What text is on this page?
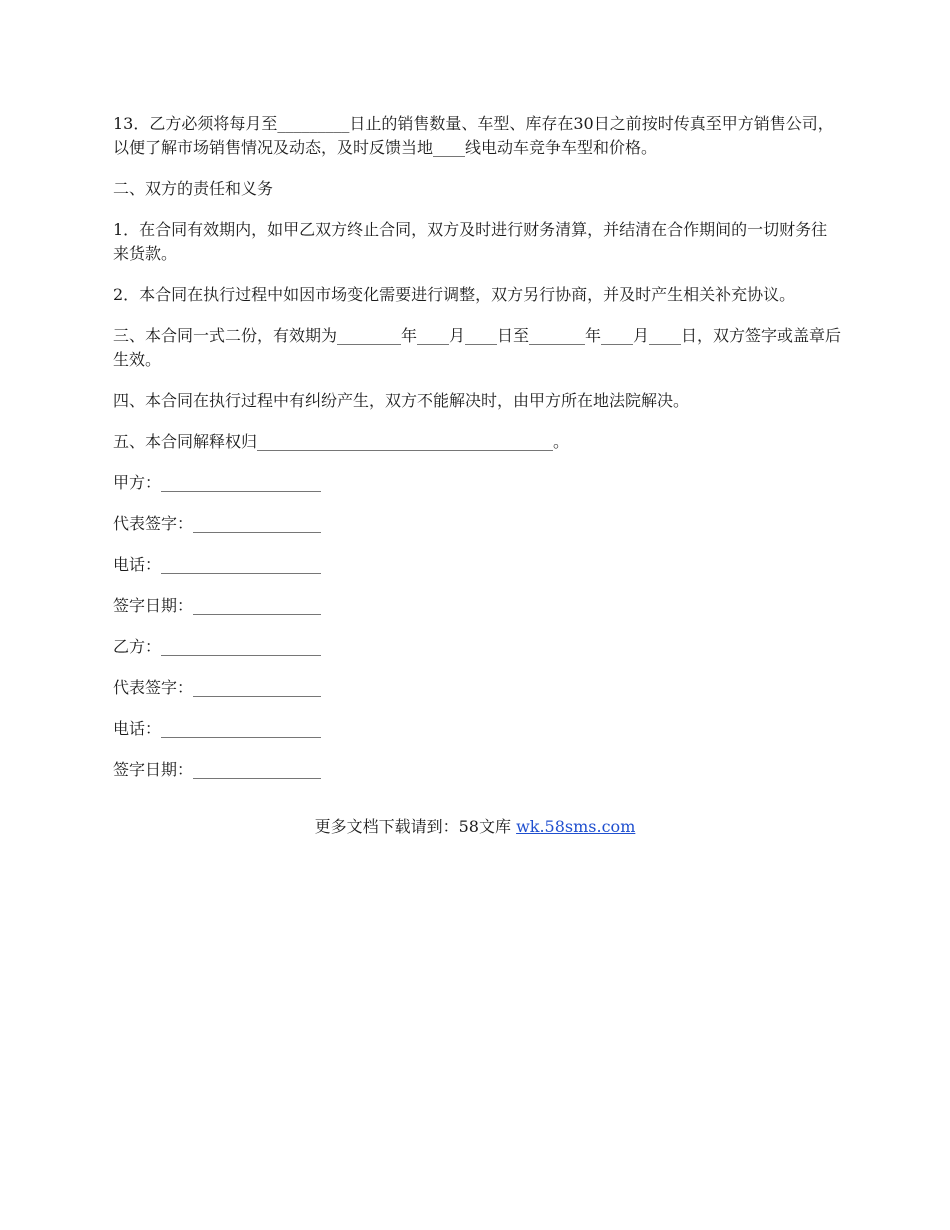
13．乙方必须将每月至_________日止的销售数量、车型、库存在30日之前按时传真至甲方销售公司，以便了解市场销售情况及动态，及时反馈当地____线电动车竞争车型和价格。

二、双方的责任和义务

1．在合同有效期内，如甲乙双方终止合同，双方及时进行财务清算，并结清在合作期间的一切财务往来货款。

2．本合同在执行过程中如因市场变化需要进行调整，双方另行协商，并及时产生相关补充协议。

三、本合同一式二份，有效期为________年____月____日至_______年____月____日，双方签字或盖章后生效。

四、本合同在执行过程中有纠纷产生，双方不能解决时，由甲方所在地法院解决。

五、本合同解释权归_____________________________________。

甲方：____________________

代表签字：________________

电话：____________________

签字日期：________________

乙方：____________________

代表签字：________________

电话：____________________

签字日期：________________

更多文档下载请到：58文库 wk.58sms.com
